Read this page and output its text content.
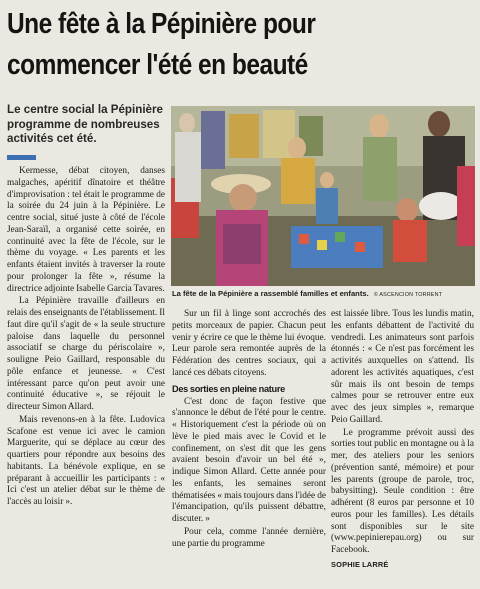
Une fête à la Pépinière pour
commencer l'été en beauté
Le centre social la Pépinière programme de nombreuses activités cet été.

Kermesse, débat citoyen, danses malgaches, apéritif dînatoire et théâtre d'improvisation : tel était le programme de la soirée du 24 juin à la Pépinière. Le centre social, situé juste à côté de l'école Jean-Saraïl, a organisé cette soirée, en continuité avec la fête de l'école, sur le thème du voyage. « Les parents et les enfants étaient invités à traverser la route pour prolonger la fête », résume la directrice adjointe Isabelle Garcia Tavares.

La Pépinière travaille d'ailleurs en relais des enseignants de l'établissement. Il faut dire qu'il s'agit de « la seule structure paloise dans laquelle du personnel associatif se charge du périscolaire », souligne Peio Gaillard, responsable du pôle enfance et jeunesse. « C'est intéressant parce qu'on peut avoir une continuité éducative », se réjouit le directeur Simon Allard.

Mais revenons-en à la fête. Ludovica Scafone est venue ici avec le camion Marguerite, qui se déplace au cœur des quartiers pour répondre aux besoins des habitants. La bénévole explique, en se préparant à accueillir les participants : « Ici c'est un atelier débat sur le thème de l'accès au loisir ».

La fête de la Pépinière a rassemblé familles et enfants. © ASCENCION TORRENT

Sur un fil à linge sont accrochés des petits morceaux de papier. Chacun peut venir y écrire ce que le thème lui évoque. Leur parole sera remontée auprès de la Fédération des centres sociaux, qui a lancé ces débats citoyens.

Des sorties en pleine nature

C'est donc de façon festive que s'annonce le début de l'été pour le centre. « Historiquement c'est la période où on lève le pied mais avec le Covid et le confinement, on s'est dit que les gens avaient besoin d'avoir un bel été », indique Simon Allard. Cette année pour les enfants, les semaines seront thématisées « mais toujours dans l'idée de l'émancipation, qu'ils puissent débattre, discuter. »

Pour cela, comme l'année dernière, une partie du programme

est laissée libre. Tous les lundis matin, les enfants débattent de l'activité du vendredi. Les animateurs sont parfois étonnés : « Ce n'est pas forcément les activités auxquelles on s'attend. Ils adorent les activités aquatiques, c'est sûr mais ils ont besoin de temps calmes pour se retrouver entre eux avec des jeux simples », remarque Peio Gaillard.

Le programme prévoit aussi des sorties tout public en montagne ou à la mer, des ateliers pour les seniors (prévention santé, mémoire) et pour les parents (groupe de parole, troc, babysitting). Seule condition : être adhérent (8 euros par personne et 10 euros pour les familles). Les détails sont disponibles sur le site (www.pepinierepau.org) ou sur Facebook.

SOPHIE LARRÉ
